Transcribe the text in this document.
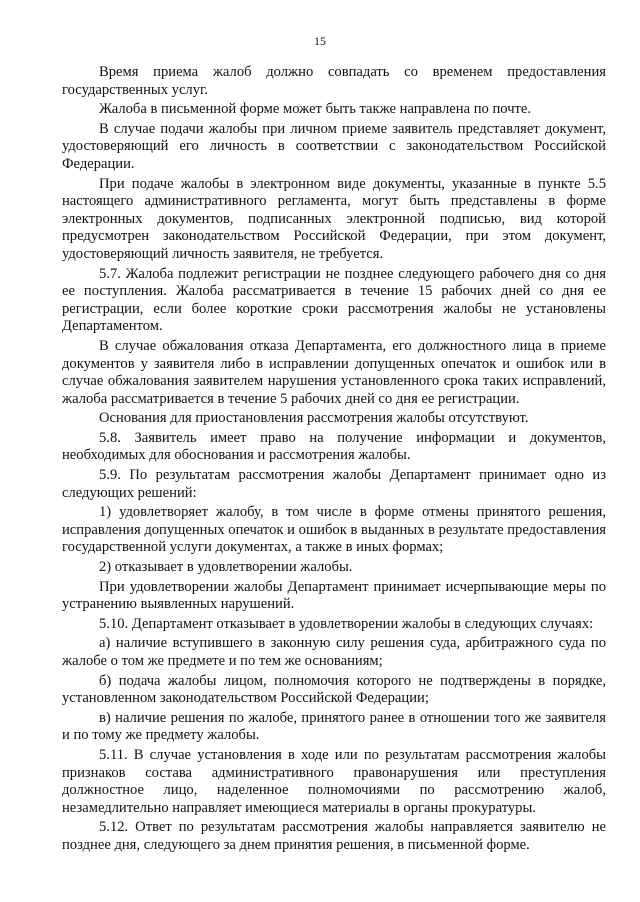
15

Время приема жалоб должно совпадать со временем предоставления государственных услуг.

Жалоба в письменной форме может быть также направлена по почте.

В случае подачи жалобы при личном приеме заявитель представляет документ, удостоверяющий его личность в соответствии с законодательством Российской Федерации.

При подаче жалобы в электронном виде документы, указанные в пункте 5.5 настоящего административного регламента, могут быть представлены в форме электронных документов, подписанных электронной подписью, вид которой предусмотрен законодательством Российской Федерации, при этом документ, удостоверяющий личность заявителя, не требуется.

5.7. Жалоба подлежит регистрации не позднее следующего рабочего дня со дня ее поступления. Жалоба рассматривается в течение 15 рабочих дней со дня ее регистрации, если более короткие сроки рассмотрения жалобы не установлены Департаментом.

В случае обжалования отказа Департамента, его должностного лица в приеме документов у заявителя либо в исправлении допущенных опечаток и ошибок или в случае обжалования заявителем нарушения установленного срока таких исправлений, жалоба рассматривается в течение 5 рабочих дней со дня ее регистрации.

Основания для приостановления рассмотрения жалобы отсутствуют.

5.8. Заявитель имеет право на получение информации и документов, необходимых для обоснования и рассмотрения жалобы.

5.9. По результатам рассмотрения жалобы Департамент принимает одно из следующих решений:

1) удовлетворяет жалобу, в том числе в форме отмены принятого решения, исправления допущенных опечаток и ошибок в выданных в результате предоставления государственной услуги документах, а также в иных формах;

2) отказывает в удовлетворении жалобы.

При удовлетворении жалобы Департамент принимает исчерпывающие меры по устранению выявленных нарушений.

5.10. Департамент отказывает в удовлетворении жалобы в следующих случаях:

а) наличие вступившего в законную силу решения суда, арбитражного суда по жалобе о том же предмете и по тем же основаниям;

б) подача жалобы лицом, полномочия которого не подтверждены в порядке, установленном законодательством Российской Федерации;

в) наличие решения по жалобе, принятого ранее в отношении того же заявителя и по тому же предмету жалобы.

5.11. В случае установления в ходе или по результатам рассмотрения жалобы признаков состава административного правонарушения или преступления должностное лицо, наделенное полномочиями по рассмотрению жалоб, незамедлительно направляет имеющиеся материалы в органы прокуратуры.

5.12. Ответ по результатам рассмотрения жалобы направляется заявителю не позднее дня, следующего за днем принятия решения, в письменной форме.
